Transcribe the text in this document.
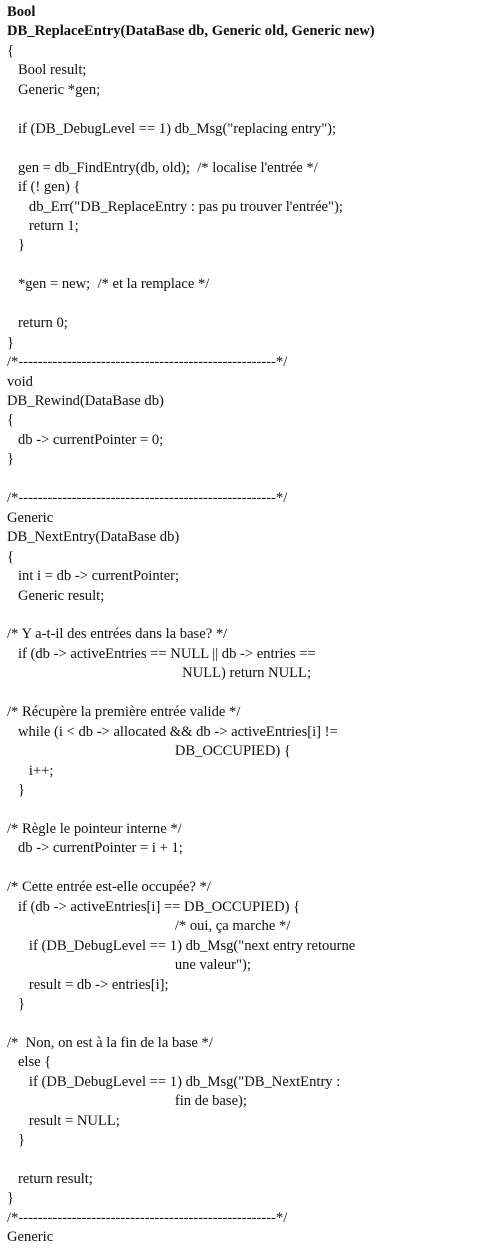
Bool
DB_ReplaceEntry(DataBase db, Generic old, Generic new)
{
Bool result;
Generic *gen;
if (DB_DebugLevel == 1) db_Msg("replacing entry");
gen = db_FindEntry(db, old);  /* localise l'entrée */
if (! gen) {
db_Err("DB_ReplaceEntry : pas pu trouver l'entrée");
return 1;
}
*gen = new;  /* et la remplace */
return 0;
}
/*-----------------------------------------------------*/
void
DB_Rewind(DataBase db)
{
db -> currentPointer = 0;
}
/*-----------------------------------------------------*/
Generic
DB_NextEntry(DataBase db)
{
int i = db -> currentPointer;
Generic result;
/* Y a-t-il des entrées dans la base? */
if (db -> activeEntries == NULL || db -> entries ==
NULL) return NULL;
/* Récupère la première entrée valide */
while (i < db -> allocated && db -> activeEntries[i] !=
DB_OCCUPIED) {
i++;
}
/* Règle le pointeur interne */
db -> currentPointer = i + 1;
/* Cette entrée est-elle occupée? */
if (db -> activeEntries[i] == DB_OCCUPIED) {
/* oui, ça marche */
if (DB_DebugLevel == 1) db_Msg("next entry retourne
une valeur");
result = db -> entries[i];
}
/*  Non, on est à la fin de la base */
else {
if (DB_DebugLevel == 1) db_Msg("DB_NextEntry :
fin de base);
result = NULL;
}
return result;
}
/*-----------------------------------------------------*/
Generic
